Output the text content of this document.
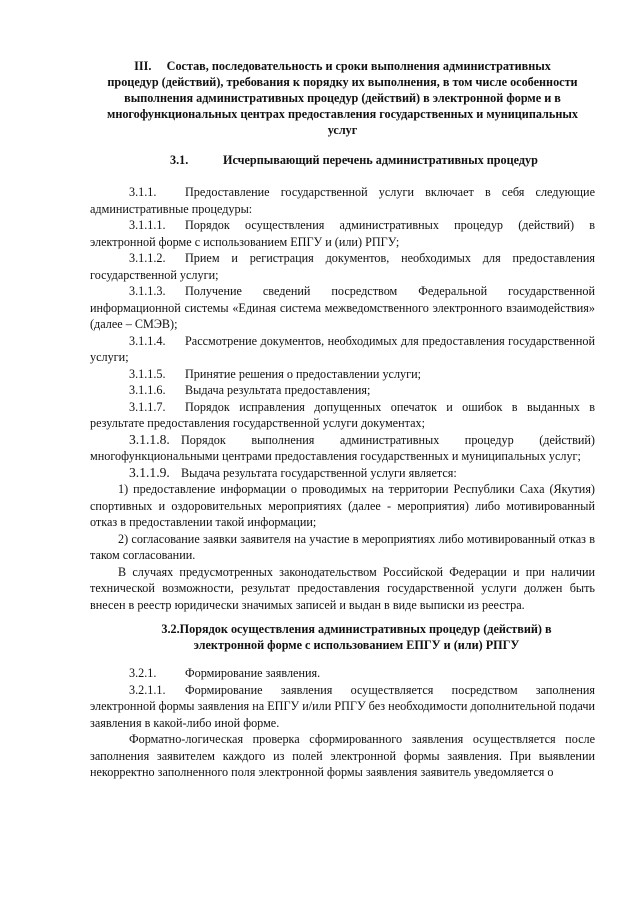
III. Состав, последовательность и сроки выполнения административных
процедур (действий), требования к порядку их выполнения, в том числе особенности
выполнения административных процедур (действий) в электронной форме и в
многофункциональных центрах предоставления государственных и муниципальных
услуг
3.1.	Исчерпывающий перечень административных процедур

3.1.1. Предоставление государственной услуги включает в себя следующие административные процедуры:

3.1.1.1. Порядок осуществления административных процедур (действий) в электронной форме с использованием ЕПГУ и (или) РПГУ;

3.1.1.2. Прием и регистрация документов, необходимых для предоставления государственной услуги;

3.1.1.3. Получение сведений посредством Федеральной государственной информационной системы «Единая система межведомственного электронного взаимодействия» (далее – СМЭВ);

3.1.1.4. Рассмотрение документов, необходимых для предоставления государственной услуги;

3.1.1.5. Принятие решения о предоставлении услуги;

3.1.1.6. Выдача результата предоставления;

3.1.1.7. Порядок исправления допущенных опечаток и ошибок в выданных в результате предоставления государственной услуги документах;

3.1.1.8. Порядок выполнения административных процедур (действий) многофункциональными центрами предоставления государственных и муниципальных услуг;

3.1.1.9. Выдача результата государственной услуги является:

1) предоставление информации о проводимых на территории Республики Саха (Якутия) спортивных и оздоровительных мероприятиях (далее - мероприятия) либо мотивированный отказ в предоставлении такой информации;

2) согласование заявки заявителя на участие в мероприятиях либо мотивированный отказ в таком согласовании.

В случаях предусмотренных законодательством Российской Федерации и при наличии технической возможности, результат предоставления государственной услуги должен быть внесен в реестр юридически значимых записей и выдан в виде выписки из реестра.

3.2.Порядок осуществления административных процедур (действий) в
электронной форме с использованием ЕПГУ и (или) РПГУ

3.2.1. Формирование заявления.

3.2.1.1. Формирование заявления осуществляется посредством заполнения электронной формы заявления на ЕПГУ и/или РПГУ без необходимости дополнительной подачи заявления в какой-либо иной форме.

Форматно-логическая проверка сформированного заявления осуществляется после заполнения заявителем каждого из полей электронной формы заявления. При выявлении некорректно заполненного поля электронной формы заявления заявитель уведомляется о
